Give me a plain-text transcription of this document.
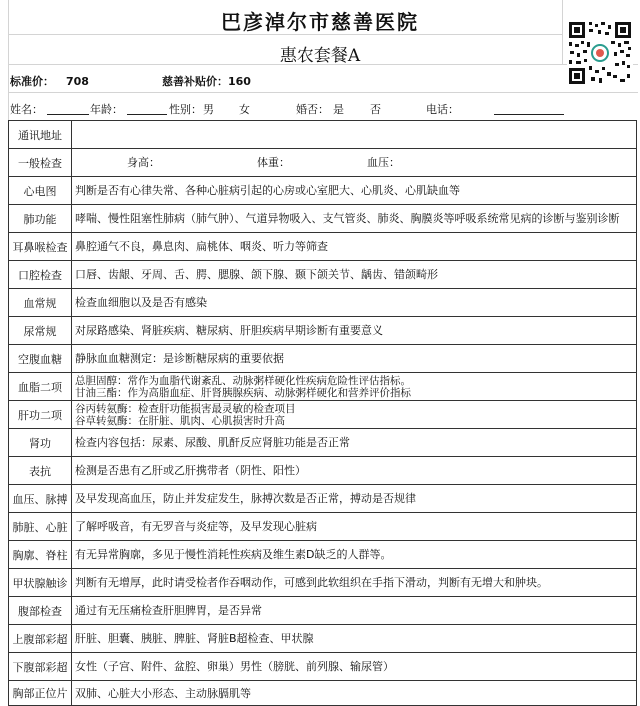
巴彦淖尔市慈善医院
惠农套餐A
标准价： 708	慈善补贴价：160
姓名：	年龄：	性别： 男 女	婚否： 是 否	电话：
通讯地址	
一般检查	身高： 体重： 血压：
心电图	判断是否有心律失常、各种心脏病引起的心房或心室肥大、心肌炎、心肌缺血等
肺功能	哮喘、慢性阻塞性肺病（肺气肿）、气道异物吸入、支气管炎、肺炎、胸膜炎等呼吸系统常见病的诊断与鉴别诊断
耳鼻喉检查	鼻腔通气不良，鼻息肉、扁桃体、咽炎、听力等筛查
口腔检查	口唇、齿龈、牙周、舌、腭、腮腺、颌下腺、颞下颌关节、龋齿、错颌畸形
血常规	检查血细胞以及是否有感染
尿常规	对尿路感染、肾脏疾病、糖尿病、肝胆疾病早期诊断有重要意义
空腹血糖	静脉血血糖测定：是诊断糖尿病的重要依据
血脂二项	总胆固醇：常作为血脂代谢紊乱、动脉粥样硬化性疾病危险性评估指标。
甘油三酯：作为高脂血症、肝肾胰腺疾病、动脉粥样硬化和营养评价指标

肝功二项	谷丙转氨酶：检查肝功能损害最灵敏的检查项目
谷草转氨酶：在肝脏、肌肉、心肌损害时升高

肾功	检查内容包括：尿素、尿酸、肌酐反应肾脏功能是否正常
表抗	检测是否患有乙肝或乙肝携带者（阴性、阳性）
血压、脉搏	及早发现高血压，防止并发症发生，脉搏次数是否正常，搏动是否规律
肺脏、心脏	了解呼吸音，有无罗音与炎症等，及早发现心脏病
胸廓、脊柱	有无异常胸廓，多见于慢性消耗性疾病及维生素D缺乏的人群等。
甲状腺触诊	判断有无增厚，此时请受检者作吞咽动作，可感到此软组织在手指下滑动，判断有无增大和肿块。
腹部检查	通过有无压痛检查肝胆脾胃，是否异常
上腹部彩超	肝脏、胆囊、胰脏、脾脏、肾脏B超检查、甲状腺
下腹部彩超	女性（子宫、附件、盆腔、卵巢）男性（膀胱、前列腺、输尿管）
胸部正位片	双肺、心脏大小形态、主动脉膈肌等
